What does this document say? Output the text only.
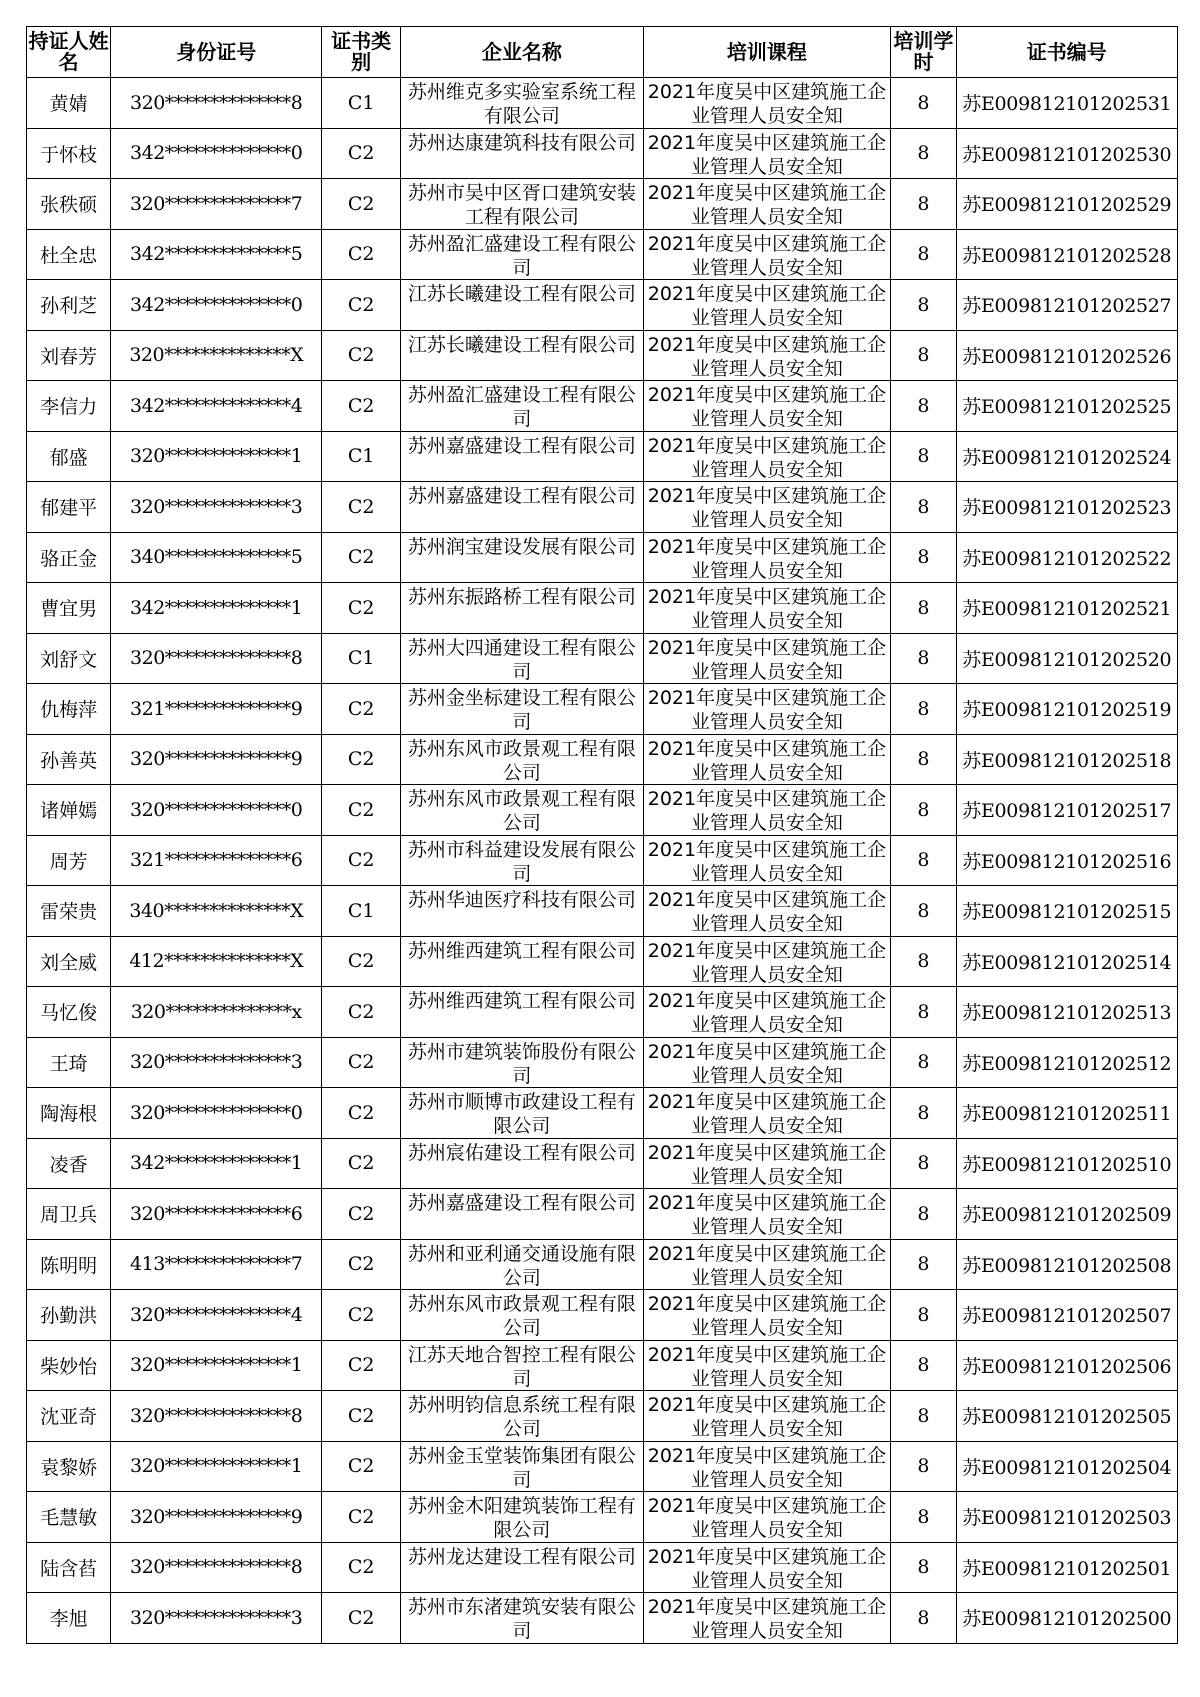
持证人姓名	身份证号	证书类别	企业名称	培训课程	培训学时	证书编号
黄婧	320**************8	C1	苏州维克多实验室系统工程有限公司	2021年度吴中区建筑施工企业管理人员安全知	8	苏E009812101202531
于怀枝	342**************0	C2	苏州达康建筑科技有限公司	2021年度吴中区建筑施工企业管理人员安全知	8	苏E009812101202530
张秩硕	320**************7	C2	苏州市吴中区胥口建筑安装工程有限公司	2021年度吴中区建筑施工企业管理人员安全知	8	苏E009812101202529
杜全忠	342**************5	C2	苏州盈汇盛建设工程有限公司	2021年度吴中区建筑施工企业管理人员安全知	8	苏E009812101202528
孙利芝	342**************0	C2	江苏长曦建设工程有限公司	2021年度吴中区建筑施工企业管理人员安全知	8	苏E009812101202527
刘春芳	320**************X	C2	江苏长曦建设工程有限公司	2021年度吴中区建筑施工企业管理人员安全知	8	苏E009812101202526
李信力	342**************4	C2	苏州盈汇盛建设工程有限公司	2021年度吴中区建筑施工企业管理人员安全知	8	苏E009812101202525
郁盛	320**************1	C1	苏州嘉盛建设工程有限公司	2021年度吴中区建筑施工企业管理人员安全知	8	苏E009812101202524
郁建平	320**************3	C2	苏州嘉盛建设工程有限公司	2021年度吴中区建筑施工企业管理人员安全知	8	苏E009812101202523
骆正金	340**************5	C2	苏州润宝建设发展有限公司	2021年度吴中区建筑施工企业管理人员安全知	8	苏E009812101202522
曹宜男	342**************1	C2	苏州东振路桥工程有限公司	2021年度吴中区建筑施工企业管理人员安全知	8	苏E009812101202521
刘舒文	320**************8	C1	苏州大四通建设工程有限公司	2021年度吴中区建筑施工企业管理人员安全知	8	苏E009812101202520
仇梅萍	321**************9	C2	苏州金坐标建设工程有限公司	2021年度吴中区建筑施工企业管理人员安全知	8	苏E009812101202519
孙善英	320**************9	C2	苏州东风市政景观工程有限公司	2021年度吴中区建筑施工企业管理人员安全知	8	苏E009812101202518
诸婵嫣	320**************0	C2	苏州东风市政景观工程有限公司	2021年度吴中区建筑施工企业管理人员安全知	8	苏E009812101202517
周芳	321**************6	C2	苏州市科益建设发展有限公司	2021年度吴中区建筑施工企业管理人员安全知	8	苏E009812101202516
雷荣贵	340**************X	C1	苏州华迪医疗科技有限公司	2021年度吴中区建筑施工企业管理人员安全知	8	苏E009812101202515
刘全威	412**************X	C2	苏州维西建筑工程有限公司	2021年度吴中区建筑施工企业管理人员安全知	8	苏E009812101202514
马忆俊	320**************x	C2	苏州维西建筑工程有限公司	2021年度吴中区建筑施工企业管理人员安全知	8	苏E009812101202513
王琦	320**************3	C2	苏州市建筑装饰股份有限公司	2021年度吴中区建筑施工企业管理人员安全知	8	苏E009812101202512
陶海根	320**************0	C2	苏州市顺博市政建设工程有限公司	2021年度吴中区建筑施工企业管理人员安全知	8	苏E009812101202511
凌香	342**************1	C2	苏州宸佑建设工程有限公司	2021年度吴中区建筑施工企业管理人员安全知	8	苏E009812101202510
周卫兵	320**************6	C2	苏州嘉盛建设工程有限公司	2021年度吴中区建筑施工企业管理人员安全知	8	苏E009812101202509
陈明明	413**************7	C2	苏州和亚利通交通设施有限公司	2021年度吴中区建筑施工企业管理人员安全知	8	苏E009812101202508
孙勤洪	320**************4	C2	苏州东风市政景观工程有限公司	2021年度吴中区建筑施工企业管理人员安全知	8	苏E009812101202507
柴妙怡	320**************1	C2	江苏天地合智控工程有限公司	2021年度吴中区建筑施工企业管理人员安全知	8	苏E009812101202506
沈亚奇	320**************8	C2	苏州明钧信息系统工程有限公司	2021年度吴中区建筑施工企业管理人员安全知	8	苏E009812101202505
袁黎娇	320**************1	C2	苏州金玉堂装饰集团有限公司	2021年度吴中区建筑施工企业管理人员安全知	8	苏E009812101202504
毛慧敏	320**************9	C2	苏州金木阳建筑装饰工程有限公司	2021年度吴中区建筑施工企业管理人员安全知	8	苏E009812101202503
陆含萏	320**************8	C2	苏州龙达建设工程有限公司	2021年度吴中区建筑施工企业管理人员安全知	8	苏E009812101202501
李旭	320**************3	C2	苏州市东渚建筑安装有限公司	2021年度吴中区建筑施工企业管理人员安全知	8	苏E009812101202500
